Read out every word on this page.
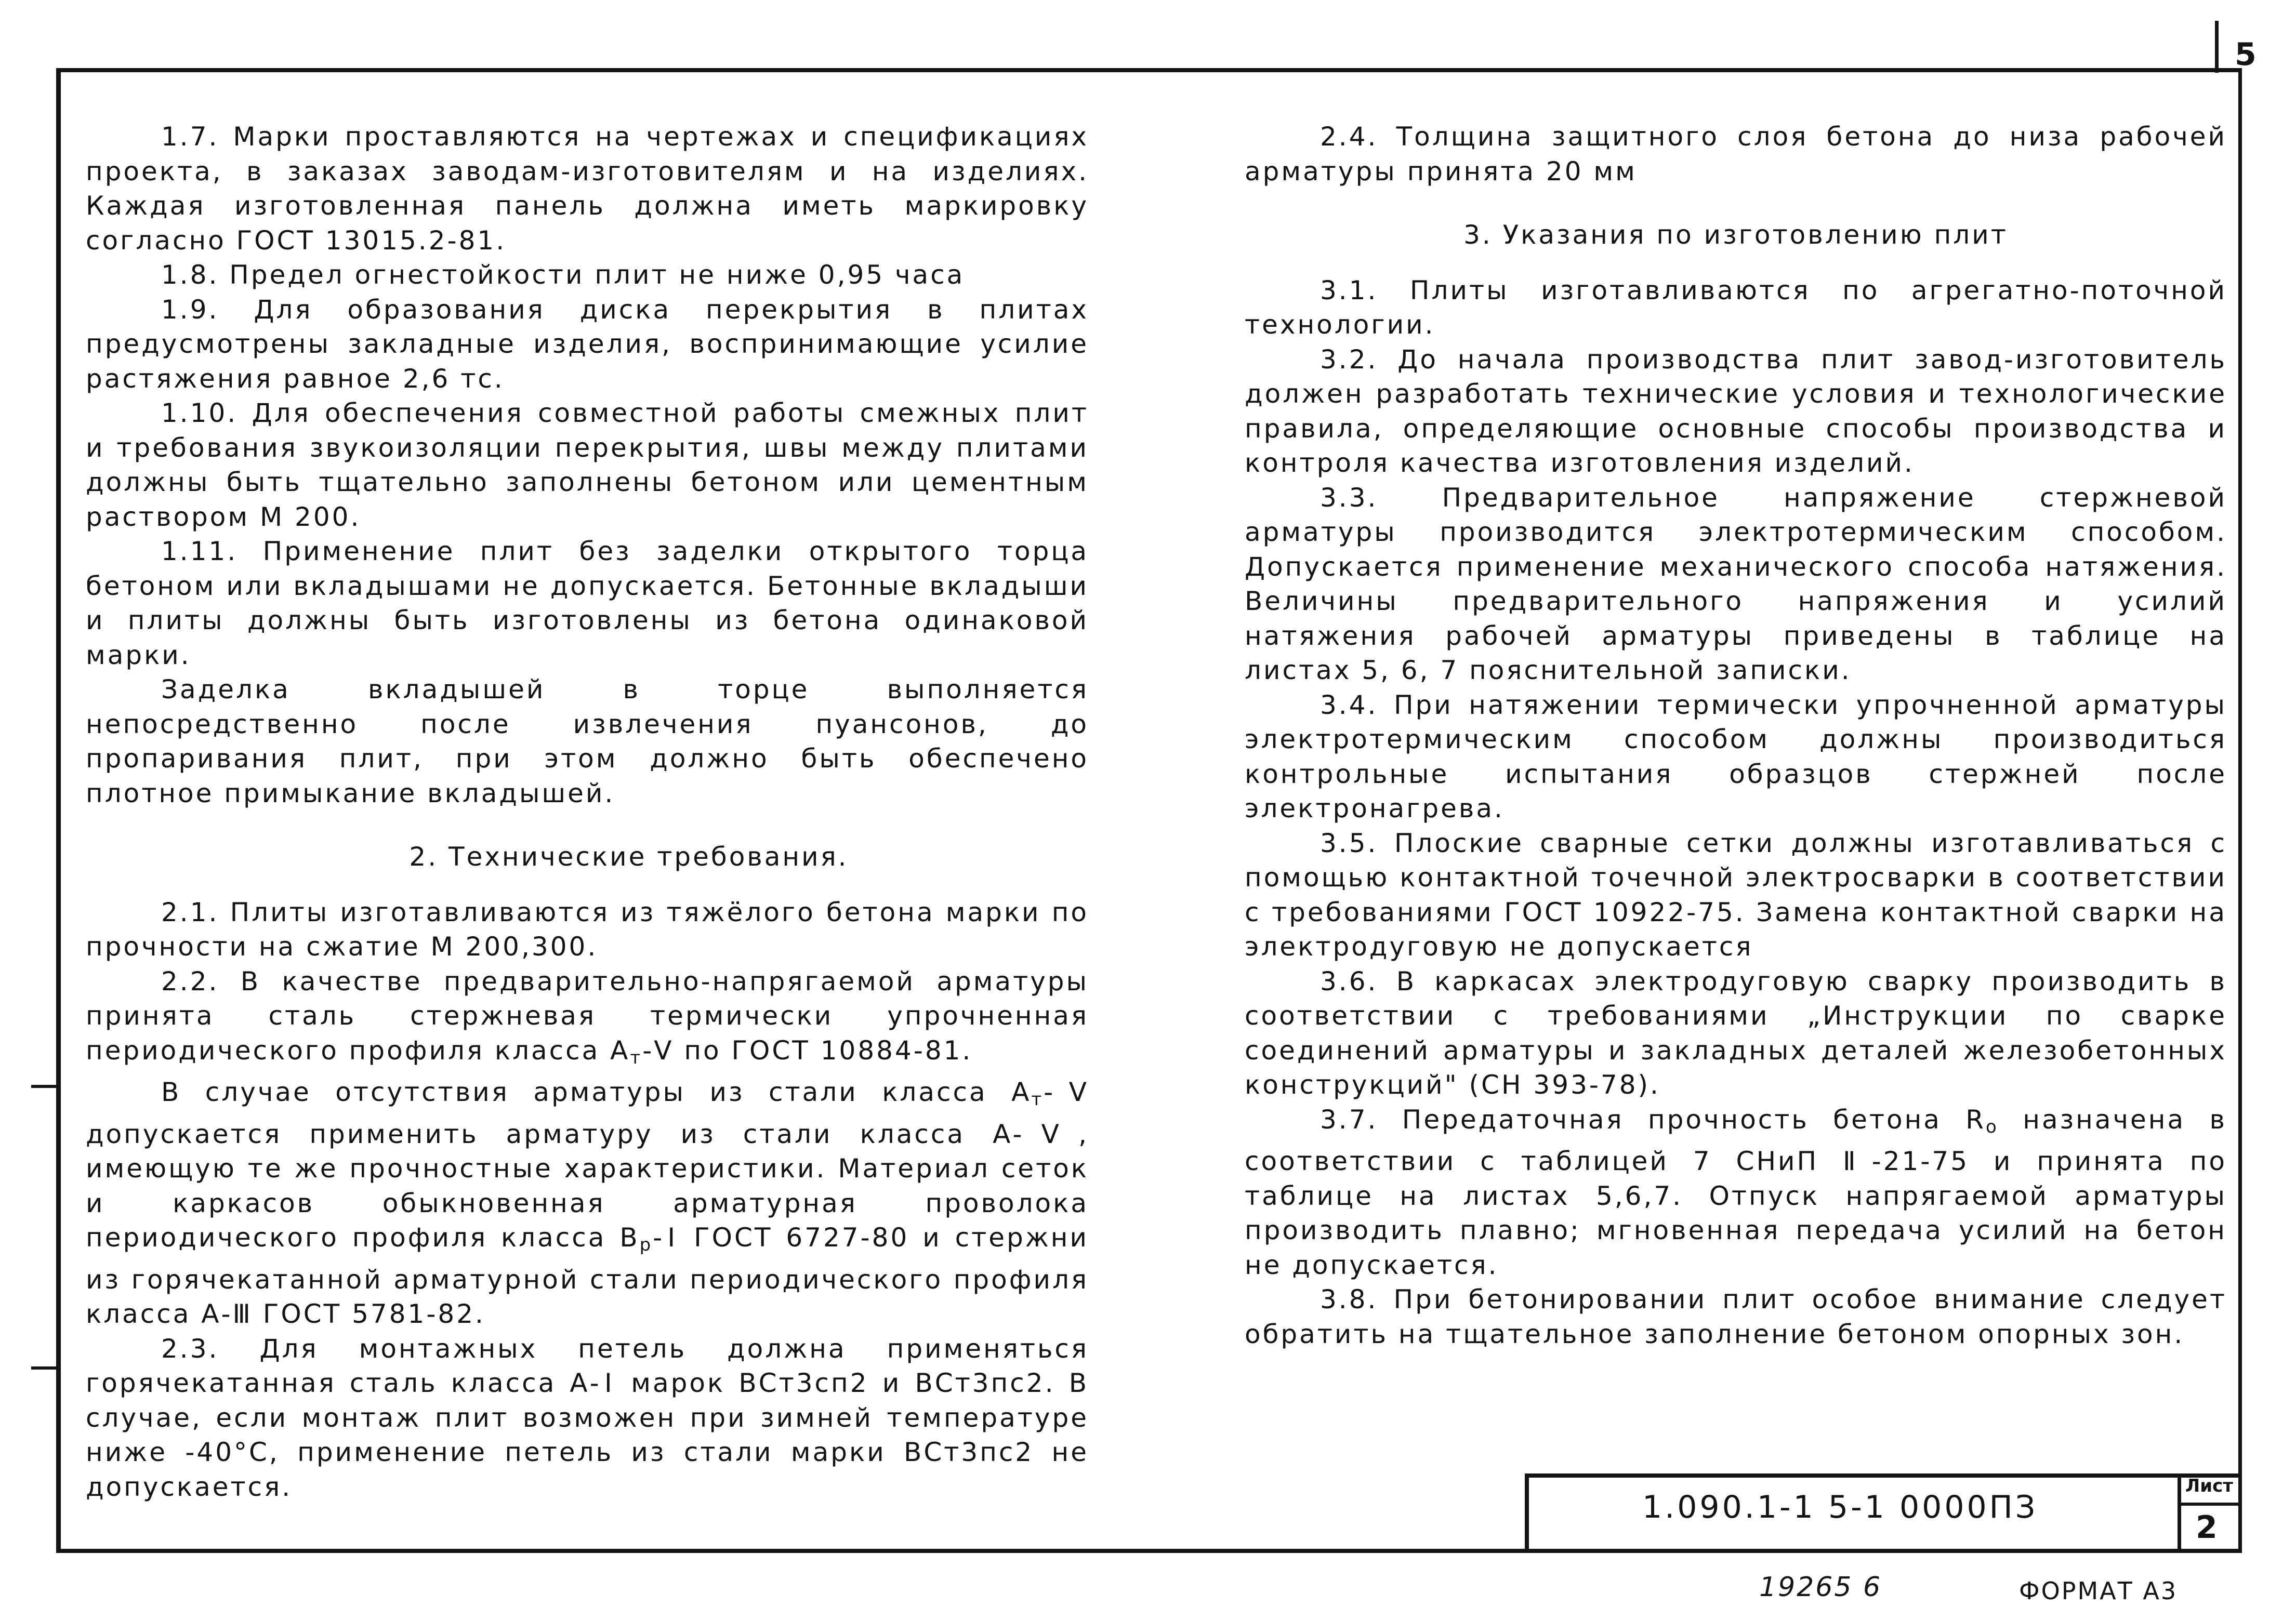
5

1.7. Марки проставляются на чертежах и спецификациях проекта, в заказах заводам-изготовителям и на изделиях. Каждая изготовленная панель должна иметь маркировку согласно ГОСТ 13015.2-81.

1.8. Предел огнестойкости плит не ниже 0,95 часа

1.9. Для образования диска перекрытия в плитах предусмотрены закладные изделия, воспринимающие усилие растяжения равное 2,6 тс.

1.10. Для обеспечения совместной работы смежных плит и требования звукоизоляции перекрытия, швы между плитами должны быть тщательно заполнены бетоном или цементным раствором М 200.

1.11. Применение плит без заделки открытого торца бетоном или вкладышами не допускается. Бетонные вкладыши и плиты должны быть изготовлены из бетона одинаковой марки.

Заделка вкладышей в торце выполняется непосредственно после извлечения пуансонов, до пропаривания плит, при этом должно быть обеспечено плотное примыкание вкладышей.

2. Технические требования.

2.1. Плиты изготавливаются из тяжёлого бетона марки по прочности на сжатие М 200,300.

2.2. В качестве предварительно-напрягаемой арматуры принята сталь стержневая термически упрочненная периодического профиля класса $А_т-Ⅴ$ по ГОСТ 10884-81.

В случае отсутствия арматуры из стали класса $А_т-Ⅴ$ допускается применить арматуру из стали класса А-Ⅴ, имеющую те же прочностные характеристики. Материал сеток и каркасов обыкновенная арматурная проволока периодического профиля класса $В_р-Ⅰ$ ГОСТ 6727-80 и стержни из горячекатанной арматурной стали периодического профиля класса А-Ⅲ ГОСТ 5781-82.

2.3. Для монтажных петель должна применяться горячекатанная сталь класса А-Ⅰ марок ВСт3сп2 и ВСт3пс2. В случае, если монтаж плит возможен при зимней температуре ниже -40°С, применение петель из стали марки ВСт3пс2 не допускается.

2.4. Толщина защитного слоя бетона до низа рабочей арматуры принята 20 мм

3. Указания по изготовлению плит

3.1. Плиты изготавливаются по агрегатно-поточной технологии.

3.2. До начала производства плит завод-изготовитель должен разработать технические условия и технологические правила, определяющие основные способы производства и контроля качества изготовления изделий.

3.3. Предварительное напряжение стержневой арматуры производится электротермическим способом. Допускается применение механического способа натяжения. Величины предварительного напряжения и усилий натяжения рабочей арматуры приведены в таблице на листах 5, 6, 7 пояснительной записки.

3.4. При натяжении термически упрочненной арматуры электротермическим способом должны производиться контрольные испытания образцов стержней после электронагрева.

3.5. Плоские сварные сетки должны изготавливаться с помощью контактной точечной электросварки в соответствии с требованиями ГОСТ 10922-75. Замена контактной сварки на электродуговую не допускается

3.6. В каркасах электродуговую сварку производить в соответствии с требованиями „Инструкции по сварке соединений арматуры и закладных деталей железобетонных конструкций" (СН 393-78).

3.7. Передаточная прочность бетона $R_о$ назначена в соответствии с таблицей 7 СНиП Ⅱ-21-75 и принята по таблице на листах 5,6,7. Отпуск напрягаемой арматуры производить плавно; мгновенная передача усилий на бетон не допускается.

3.8. При бетонировании плит особое внимание следует обратить на тщательное заполнение бетоном опорных зон.

1.090.1-1 5-1 0000ПЗ
Лист
2
19265 6	ФОРМАТ А3
